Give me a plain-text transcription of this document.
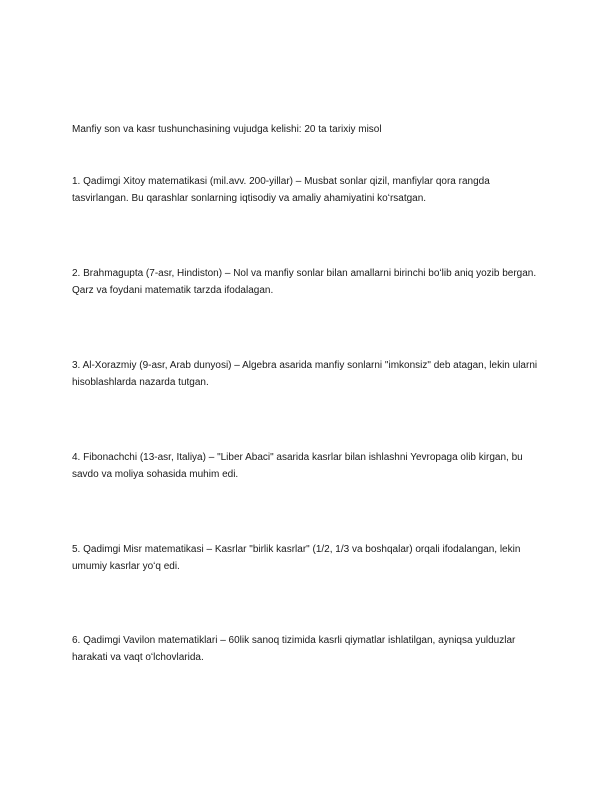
Manfiy son va kasr tushunchasining vujudga kelishi: 20 ta tarixiy misol

1. Qadimgi Xitoy matematikasi (mil.avv. 200-yillar) – Musbat sonlar qizil, manfiylar qora rangda tasvirlangan. Bu qarashlar sonlarning iqtisodiy va amaliy ahamiyatini koʻrsatgan.

2. Brahmagupta (7-asr, Hindiston) – Nol va manfiy sonlar bilan amallarni birinchi boʻlib aniq yozib bergan. Qarz va foydani matematik tarzda ifodalagan.

3. Al-Xorazmiy (9-asr, Arab dunyosi) – Algebra asarida manfiy sonlarni "imkonsiz" deb atagan, lekin ularni hisoblashlarda nazarda tutgan.

4. Fibonachchi (13-asr, Italiya) – "Liber Abaci" asarida kasrlar bilan ishlashni Yevropaga olib kirgan, bu savdo va moliya sohasida muhim edi.

5. Qadimgi Misr matematikasi – Kasrlar "birlik kasrlar" (1/2, 1/3 va boshqalar) orqali ifodalangan, lekin umumiy kasrlar yoʻq edi.

6. Qadimgi Vavilon matematiklari – 60lik sanoq tizimida kasrli qiymatlar ishlatilgan, ayniqsa yulduzlar harakati va vaqt oʻlchovlarida.
